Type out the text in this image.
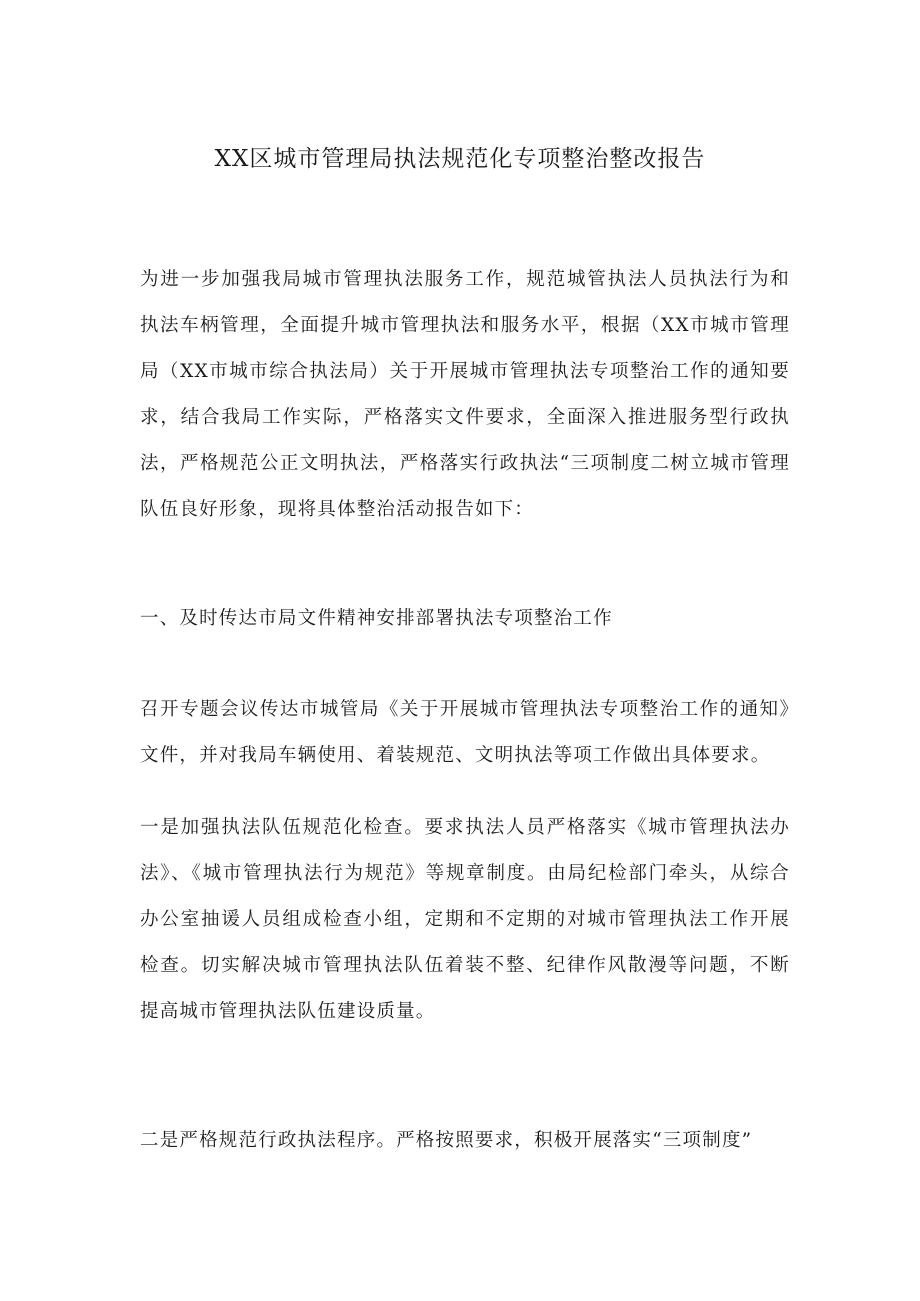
XX区城市管理局执法规范化专项整治整改报告

为进一步加强我局城市管理执法服务工作，规范城管执法人员执法行为和执法车柄管理，全面提升城市管理执法和服务水平，根据（XX市城市管理局（XX市城市综合执法局）关于开展城市管理执法专项整治工作的通知要求，结合我局工作实际，严格落实文件要求，全面深入推进服务型行政执法，严格规范公正文明执法，严格落实行政执法“三项制度二树立城市管理队伍良好形象，现将具体整治活动报告如下：

一、及时传达市局文件精神安排部署执法专项整治工作

召开专题会议传达市城管局《关于开展城市管理执法专项整治工作的通知》文件，并对我局车辆使用、着装规范、文明执法等项工作做出具体要求。

一是加强执法队伍规范化检查。要求执法人员严格落实《城市管理执法办法》、《城市管理执法行为规范》等规章制度。由局纪检部门牵头，从综合办公室抽谖人员组成检查小组，定期和不定期的对城市管理执法工作开展检查。切实解决城市管理执法队伍着装不整、纪律作风散漫等问题，不断提高城市管理执法队伍建设质量。

二是严格规范行政执法程序。严格按照要求，积极开展落实“三项制度”
